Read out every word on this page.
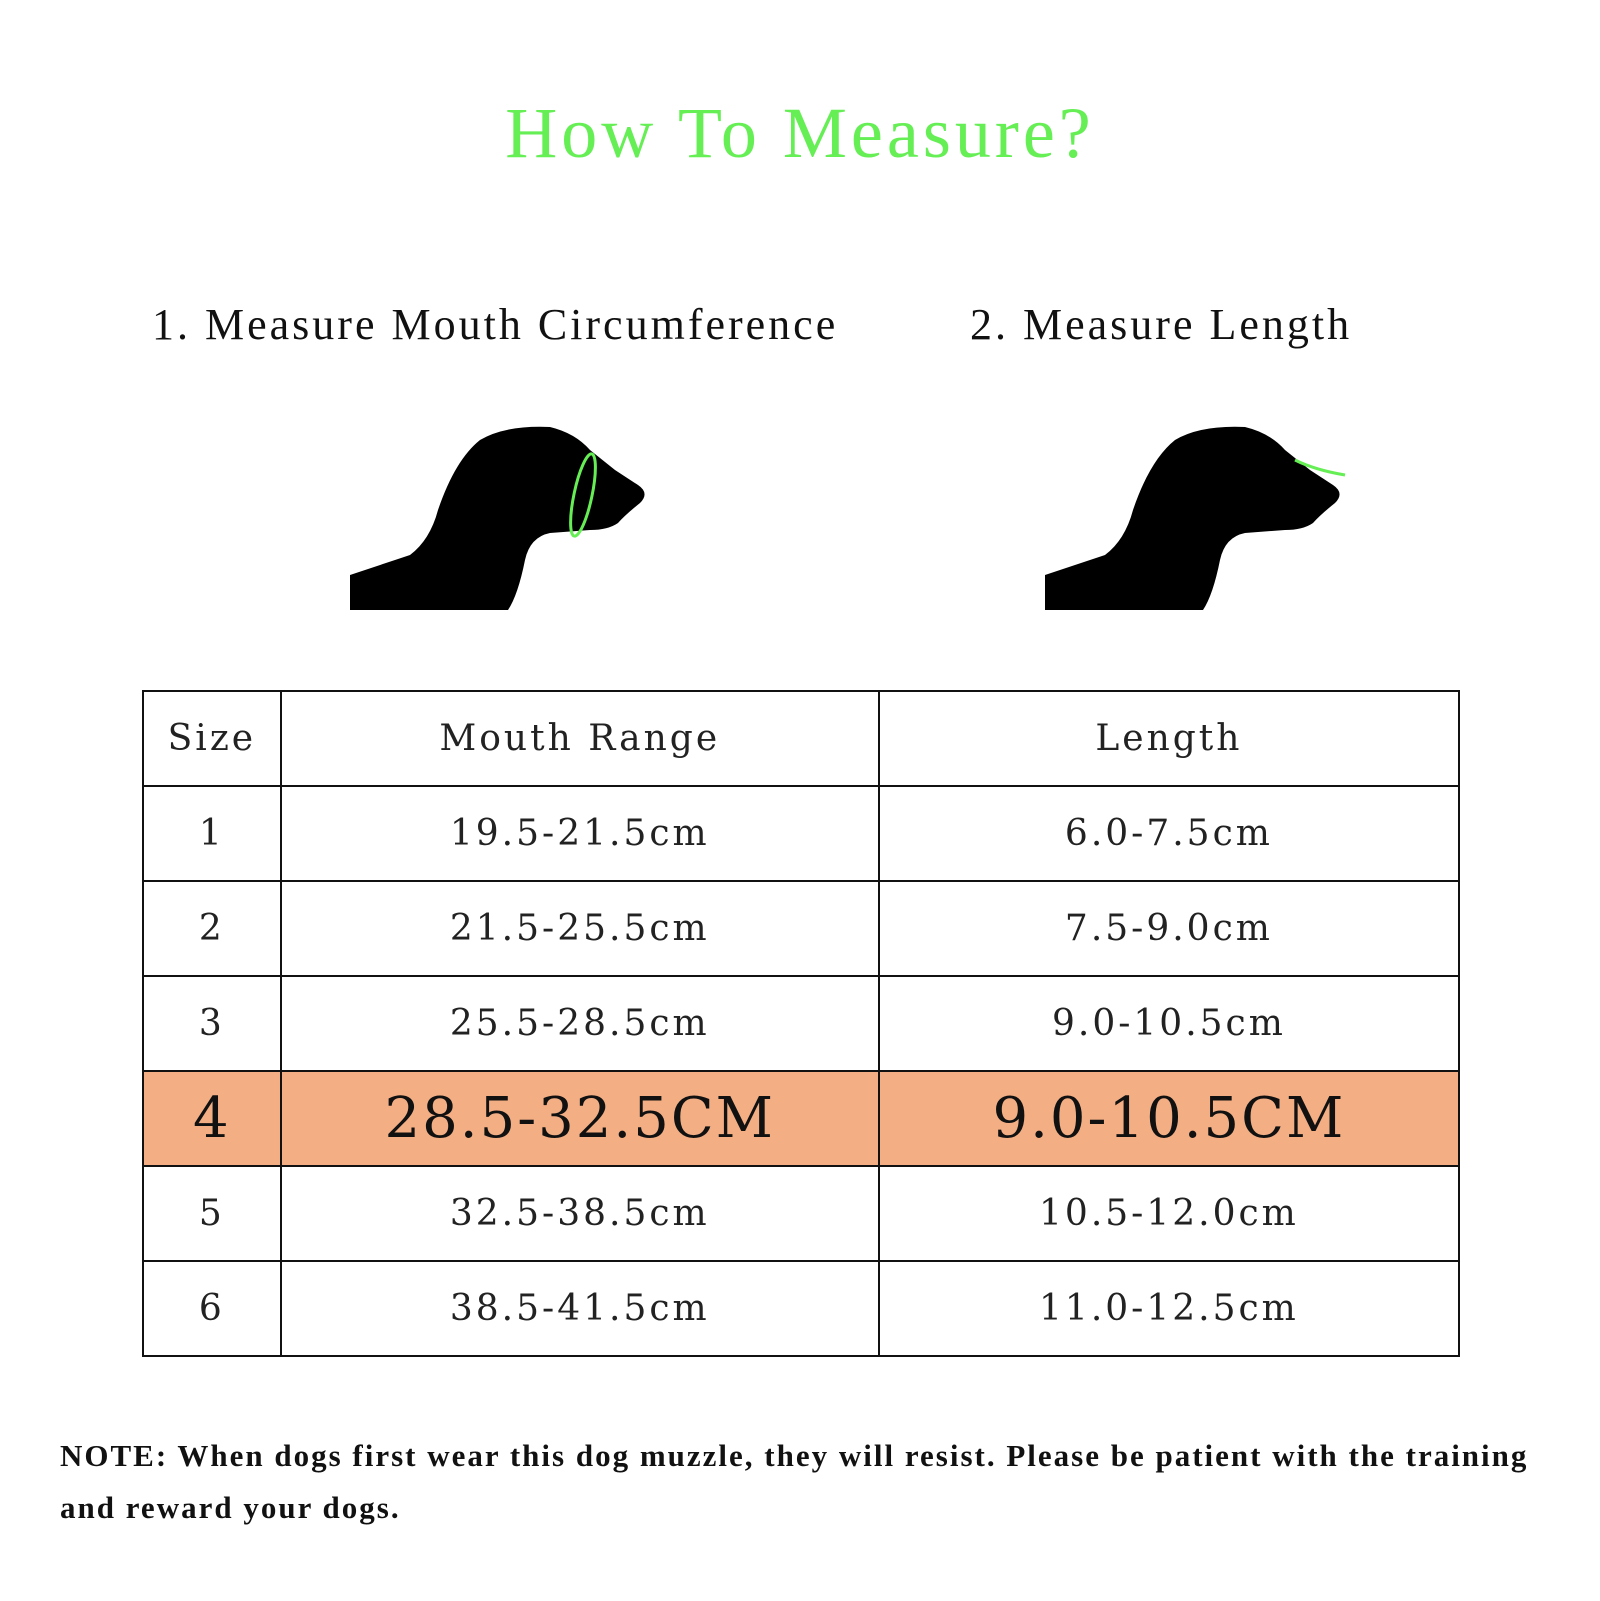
How To Measure?
1. Measure Mouth Circumference	2. Measure Length
Size	Mouth Range	Length
1	19.5-21.5cm	6.0-7.5cm
2	21.5-25.5cm	7.5-9.0cm
3	25.5-28.5cm	9.0-10.5cm
4	28.5-32.5CM	9.0-10.5CM
5	32.5-38.5cm	10.5-12.0cm
6	38.5-41.5cm	11.0-12.5cm
NOTE: When dogs first wear this dog muzzle, they will resist. Please be patient with the training and reward your dogs.
